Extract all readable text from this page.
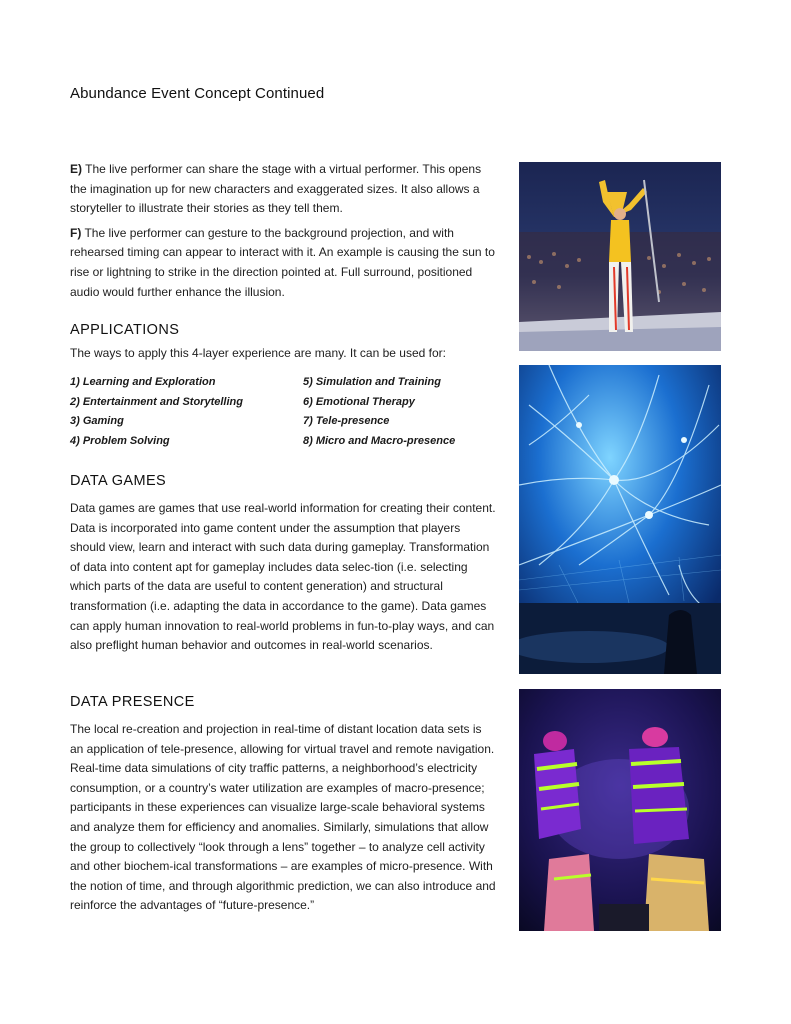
Abundance Event Concept Continued

E) The live performer can share the stage with a virtual performer. This opens the imagination up for new characters and exaggerated sizes. It also allows a storyteller to illustrate their stories as they tell them.

F) The live performer can gesture to the background projection, and with rehearsed timing can appear to interact with it. An example is causing the sun to rise or lightning to strike in the direction pointed at. Full surround, positioned audio would further enhance the illusion.

APPLICATIONS

The ways to apply this 4-layer experience are many. It can be used for:

1) Learning and Exploration
2) Entertainment and Storytelling
3) Gaming
4) Problem Solving
5) Simulation and Training
6) Emotional Therapy
7) Tele-presence
8) Micro and Macro-presence
DATA GAMES

Data games are games that use real-world information for creating their content. Data is incorporated into game content under the assumption that players should view, learn and interact with such data during gameplay. Transformation of data into content apt for gameplay includes data selec-tion (i.e. selecting which parts of the data are useful to content generation) and structural transformation (i.e. adapting the data in accordance to the game). Data games can apply human innovation to real-world problems in fun-to-play ways, and can also preflight human behavior and outcomes in real-world scenarios.

DATA PRESENCE

The local re-creation and projection in real-time of distant location data sets is an application of tele-presence, allowing for virtual travel and remote navigation. Real-time data simulations of city traffic patterns, a neighborhood’s electricity consumption, or a country’s water utilization are examples of macro-presence; participants in these experiences can visualize large-scale behavioral systems and analyze them for efficiency and anomalies. Similarly, simulations that allow the group to collectively “look through a lens” together – to analyze cell activity and other biochem-ical transformations – are examples of micro-presence. With the notion of time, and through algorithmic prediction, we can also introduce and reinforce the advantages of “future-presence.”
